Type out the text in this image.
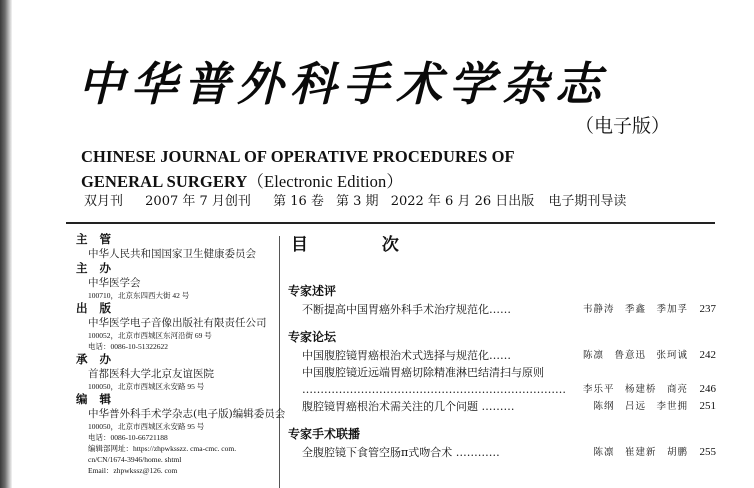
中华普外科手术学杂志
（电子版）
CHINESE JOURNAL OF OPERATIVE PROCEDURES OF
GENERAL SURGERY（Electronic Edition）
双月刊 2007 年 7 月创刊 第 16 卷 第 3 期 2022 年 6 月 26 日出版 电子期刊导读
主管
中华人民共和国国家卫生健康委员会
主办
中华医学会
100710，北京东四西大街 42 号
出版
中华医学电子音像出版社有限责任公司
100052，北京市西城区东河沿街 69 号
电话：0086-10-51322622
承办
首都医科大学北京友谊医院
100050，北京市西城区永安路 95 号
编辑
中华普外科手术学杂志(电子版)编辑委员会
100050，北京市西城区永安路 95 号
电话：0086-10-66721188
编辑部网址：https://zhpwksszz. cma-cmc. com.
cn/CN/1674-3946/home. shtml
Email：zhpwkssz@126. com
目 次
专家述评
不断提高中国胃癌外科手术治疗规范化……	韦静涛　季鑫　季加孚 237
专家论坛
中国腹腔镜胃癌根治术式选择与规范化……	陈凛　鲁意迅　张珂诚 242
中国腹腔镜近远端胃癌切除精准淋巴结清扫与原则
……………………………………………………………… 李乐平　杨建桥　商亮 246
腹腔镜胃癌根治术需关注的几个问题 ………	陈纲　吕远　李世拥 251
专家手术联播
全腹腔镜下食管空肠π式吻合术 …………	陈凛　崔建新　胡鹏 255
